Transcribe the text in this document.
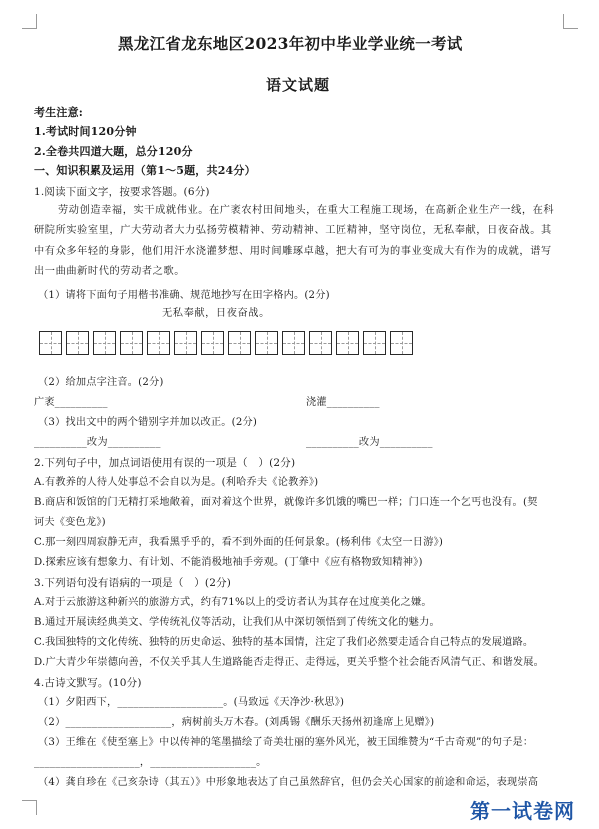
黑龙江省龙东地区2023年初中毕业学业统一考试
语文试题
考生注意:
1.考试时间120分钟
2.全卷共四道大题，总分120分
一、知识积累及运用（第1～5题，共24分）
1.阅读下面文字，按要求答题。(6分)
劳动创造幸福，实干成就伟业。在广袤农村田间地头，在重大工程施工现场，在高新企业生产一线，在科
研院所实验室里，广大劳动者大力弘扬劳模精神、劳动精神、工匠精神，坚守岗位，无私奉献，日夜奋战。其
中有众多年轻的身影，他们用汗水浇灌梦想、用时间雕琢卓越，把大有可为的事业变成大有作为的成就，谱写
出一曲曲新时代的劳动者之歌。
（1）请将下面句子用楷书准确、规范地抄写在田字格内。(2分)
无私奉献，日夜奋战。
（2）给加点字注音。(2分)
广袤__________	浇灌__________
（3）找出文中的两个错别字并加以改正。(2分)
__________改为__________	__________改为__________
2.下列句子中，加点词语使用有误的一项是（　）(2分)
A.有教养的人待人处事总不会自以为是。(利哈乔夫《论教养》)
B.商店和饭馆的门无精打采地敞着，面对着这个世界，就像许多饥饿的嘴巴一样；门口连一个乞丐也没有。(契
诃夫《变色龙》)
C.那一刻四周寂静无声，我看黑乎乎的，看不到外面的任何景象。(杨利伟《太空一日游》)
D.探索应该有想象力、有计划、不能消极地袖手旁观。(丁肇中《应有格物致知精神》)
3.下列语句没有语病的一项是（　）(2分)
A.对于云旅游这种新兴的旅游方式，约有71%以上的受访者认为其存在过度美化之嫌。
B.通过开展读经典美文、学传统礼仪等活动，让我们从中深切领悟到了传统文化的魅力。
C.我国独特的文化传统、独特的历史命运、独特的基本国情，注定了我们必然要走适合自己特点的发展道路。
D.广大青少年崇德向善，不仅关乎其人生道路能否走得正、走得远，更关乎整个社会能否风清气正、和谐发展。
4.古诗文默写。(10分)
（1）夕阳西下，____________________。(马致远《天净沙·秋思》)
（2）____________________，病树前头万木春。(刘禹锡《酬乐天扬州初逢席上见赠》)
（3）王维在《使至塞上》中以传神的笔墨描绘了奇美壮丽的塞外风光，被王国维赞为“千古奇观”的句子是：
____________________，____________________。
（4）龚自珍在《己亥杂诗（其五）》中形象地表达了自己虽然辞官，但仍会关心国家的前途和命运，表现崇高
第一试卷网
